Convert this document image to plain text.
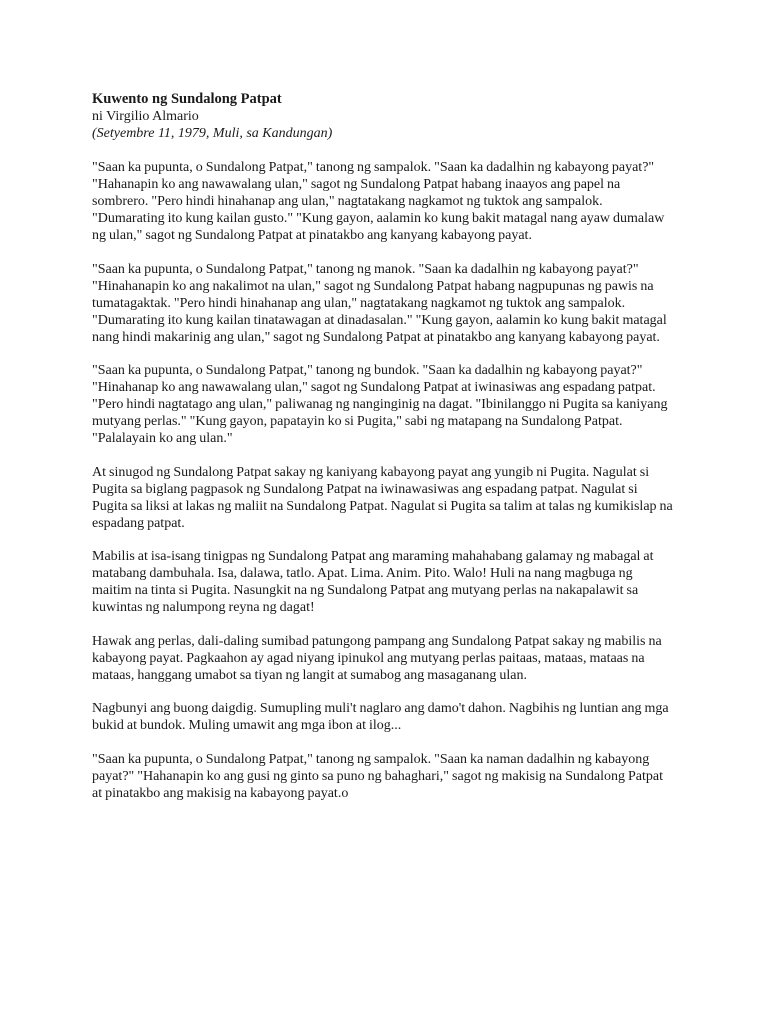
Kuwento ng Sundalong Patpat

ni Virgilio Almario

(Setyembre 11, 1979, Muli, sa Kandungan)

"Saan ka pupunta, o Sundalong Patpat," tanong ng sampalok. "Saan ka dadalhin ng kabayong payat?" "Hahanapin ko ang nawawalang ulan," sagot ng Sundalong Patpat habang inaayos ang papel na sombrero. "Pero hindi hinahanap ang ulan," nagtatakang nagkamot ng tuktok ang sampalok. "Dumarating ito kung kailan gusto." "Kung gayon, aalamin ko kung bakit matagal nang ayaw dumalaw ng ulan," sagot ng Sundalong Patpat at pinatakbo ang kanyang kabayong payat.

"Saan ka pupunta, o Sundalong Patpat," tanong ng manok. "Saan ka dadalhin ng kabayong payat?" "Hinahanapin ko ang nakalimot na ulan," sagot ng Sundalong Patpat habang nagpupunas ng pawis na tumatagaktak. "Pero hindi hinahanap ang ulan," nagtatakang nagkamot ng tuktok ang sampalok. "Dumarating ito kung kailan tinatawagan at dinadasalan." "Kung gayon, aalamin ko kung bakit matagal nang hindi makarinig ang ulan," sagot ng Sundalong Patpat at pinatakbo ang kanyang kabayong payat.

"Saan ka pupunta, o Sundalong Patpat," tanong ng bundok. "Saan ka dadalhin ng kabayong payat?" "Hinahanap ko ang nawawalang ulan," sagot ng Sundalong Patpat at iwinasiwas ang espadang patpat. "Pero hindi nagtatago ang ulan," paliwanag ng nanginginig na dagat. "Ibinilanggo ni Pugita sa kaniyang mutyang perlas." "Kung gayon, papatayin ko si Pugita," sabi ng matapang na Sundalong Patpat. "Palalayain ko ang ulan."

At sinugod ng Sundalong Patpat sakay ng kaniyang kabayong payat ang yungib ni Pugita. Nagulat si Pugita sa biglang pagpasok ng Sundalong Patpat na iwinawasiwas ang espadang patpat. Nagulat si Pugita sa liksi at lakas ng maliit na Sundalong Patpat. Nagulat si Pugita sa talim at talas ng kumikislap na espadang patpat.

Mabilis at isa-isang tinigpas ng Sundalong Patpat ang maraming mahahabang galamay ng mabagal at matabang dambuhala. Isa, dalawa, tatlo. Apat. Lima. Anim. Pito. Walo! Huli na nang magbuga ng maitim na tinta si Pugita. Nasungkit na ng Sundalong Patpat ang mutyang perlas na nakapalawit sa kuwintas ng nalumpong reyna ng dagat!

Hawak ang perlas, dali-daling sumibad patungong pampang ang Sundalong Patpat sakay ng mabilis na kabayong payat. Pagkaahon ay agad niyang ipinukol ang mutyang perlas paitaas, mataas, mataas na mataas, hanggang umabot sa tiyan ng langit at sumabog ang masaganang ulan.

Nagbunyi ang buong daigdig. Sumupling muli't naglaro ang damo't dahon. Nagbihis ng luntian ang mga bukid at bundok. Muling umawit ang mga ibon at ilog...

"Saan ka pupunta, o Sundalong Patpat," tanong ng sampalok. "Saan ka naman dadalhin ng kabayong payat?" "Hahanapin ko ang gusi ng ginto sa puno ng bahaghari," sagot ng makisig na Sundalong Patpat at pinatakbo ang makisig na kabayong payat.o
